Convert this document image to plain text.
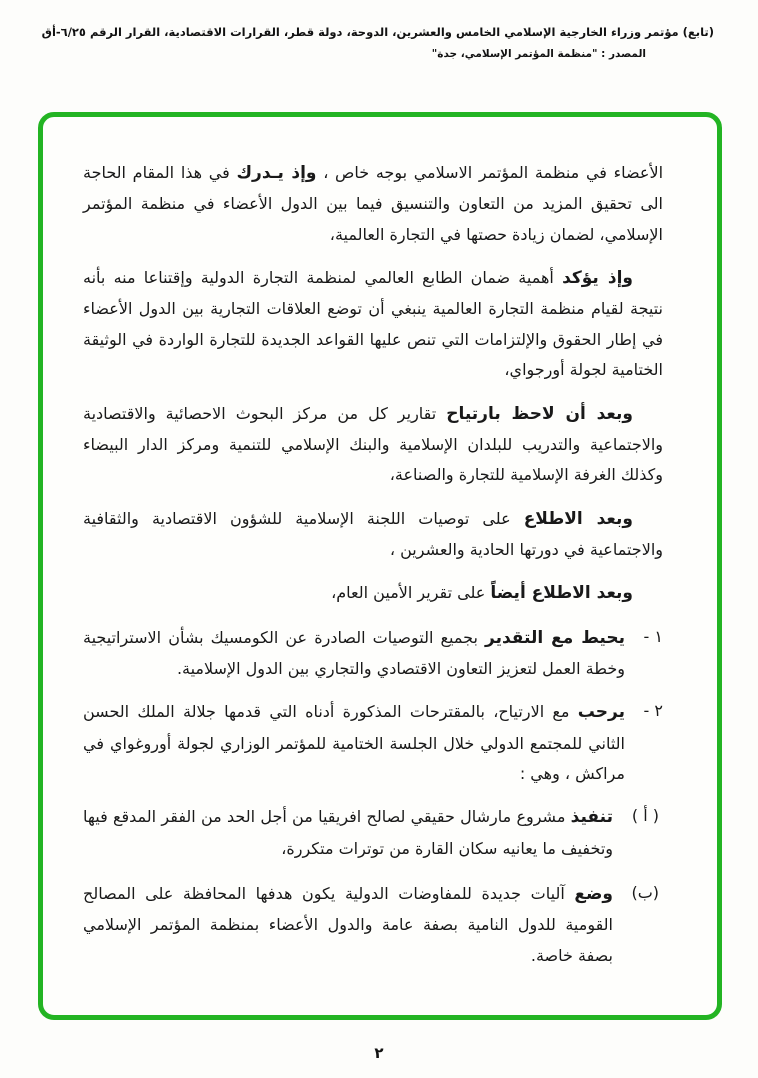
(تابع) مؤتمر وزراء الخارجية الإسلامي الخامس والعشرين، الدوحة، دولة قطر، القرارات الاقتصادية، القرار الرقم ٦/٢٥-أق
المصدر : "منظمة المؤتمر الإسلامي، جدة"

الأعضاء في منظمة المؤتمر الاسلامي بوجه خاص ، وإذ يـدرك في هذا المقام الحاجة الى تحقيق المزيد من التعاون والتنسيق فيما بين الدول الأعضاء في منظمة المؤتمر الإسلامي، لضمان زيادة حصتها في التجارة العالمية،

وإذ يؤكد أهمية ضمان الطابع العالمي لمنظمة التجارة الدولية وإقتناعا منه بأنه نتيجة لقيام منظمة التجارة العالمية ينبغي أن توضع العلاقات التجارية بين الدول الأعضاء في إطار الحقوق والإلتزامات التي تنص عليها القواعد الجديدة للتجارة الواردة في الوثيقة الختامية لجولة أورجواي،

وبعد أن لاحظ بارتياح تقارير كل من مركز البحوث الاحصائية والاقتصادية والاجتماعية والتدريب للبلدان الإسلامية والبنك الإسلامي للتنمية ومركز الدار البيضاء وكذلك الغرفة الإسلامية للتجارة والصناعة،

وبعد الاطلاع على توصيات اللجنة الإسلامية للشؤون الاقتصادية والثقافية والاجتماعية في دورتها الحادية والعشرين ،

وبعد الاطلاع أيضاً على تقرير الأمين العام،

١ -
يحيط مع التقدير بجميع التوصيات الصادرة عن الكومسيك بشأن الاستراتيجية وخطة العمل لتعزيز التعاون الاقتصادي والتجاري بين الدول الإسلامية.
٢ -
يرحب مع الارتياح، بالمقترحات المذكورة أدناه التي قدمها جلالة الملك الحسن الثاني للمجتمع الدولي خلال الجلسة الختامية للمؤتمر الوزاري لجولة أوروغواي في مراكش ، وهي :
( أ )
تنفيذ مشروع مارشال حقيقي لصالح افريقيا من أجل الحد من الفقر المدقع فيها وتخفيف ما يعانيه سكان القارة من توترات متكررة،
(ب)
وضع آليات جديدة للمفاوضات الدولية يكون هدفها المحافظة على المصالح القومية للدول النامية بصفة عامة والدول الأعضاء بمنظمة المؤتمر الإسلامي بصفة خاصة.
٢
